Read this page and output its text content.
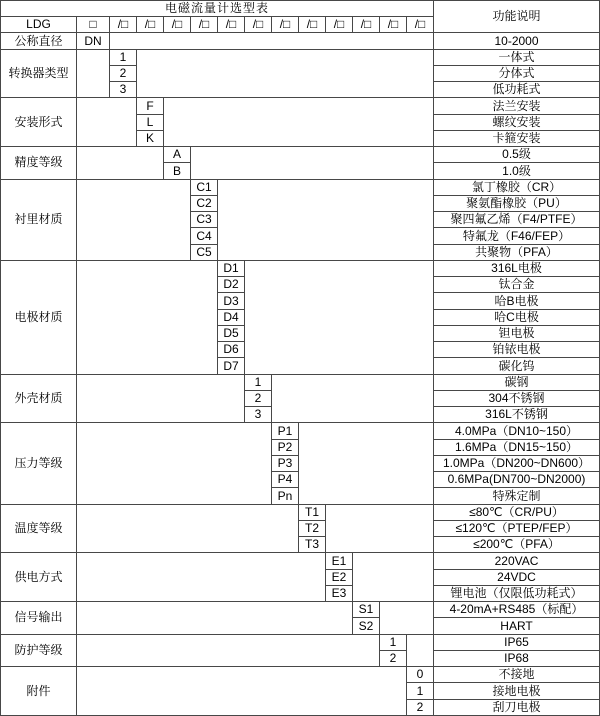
电磁流量计选型表														功能说明
LDG	□	/□	/□	/□	/□	/□	/□	/□	/□	/□	/□	/□	/□	
公称直径	DN													10-2000
转换器类型		1												一体式
		2												分体式
		3												低功耗式
安装形式			F											法兰安装
			L											螺纹安装
			K											卡箍安装
精度等级				A										0.5级
				B										1.0级
衬里材质					C1									氯丁橡胶（CR）
					C2									聚氨酯橡胶（PU）
					C3									聚四氟乙烯（F4/PTFE）
					C4									特氟龙（F46/FEP）
					C5									共聚物（PFA）
电极材质						D1								316L电极
						D2								钛合金
						D3								哈B电极
						D4								哈C电极
						D5								钽电极
						D6								铂铱电极
						D7								碳化钨
外壳材质							1							碳钢
							2							304不锈钢
							3							316L不锈钢
压力等级								P1						4.0MPa（DN10~150）
								P2						1.6MPa（DN15~150）
								P3						1.0MPa（DN200~DN600）
								P4						0.6MPa(DN700~DN2000)
								Pn						特殊定制
温度等级									T1					≤80℃（CR/PU）
									T2					≤120℃（PTEP/FEP）
									T3					≤200℃（PFA）
供电方式										E1				220VAC
										E2				24VDC
										E3				锂电池（仅限低功耗式）
信号输出											S1			4-20mA+RS485（标配）
											S2			HART
防护等级												1		IP65
												2		IP68
附件													0	不接地
													1	接地电极
													2	刮刀电极
